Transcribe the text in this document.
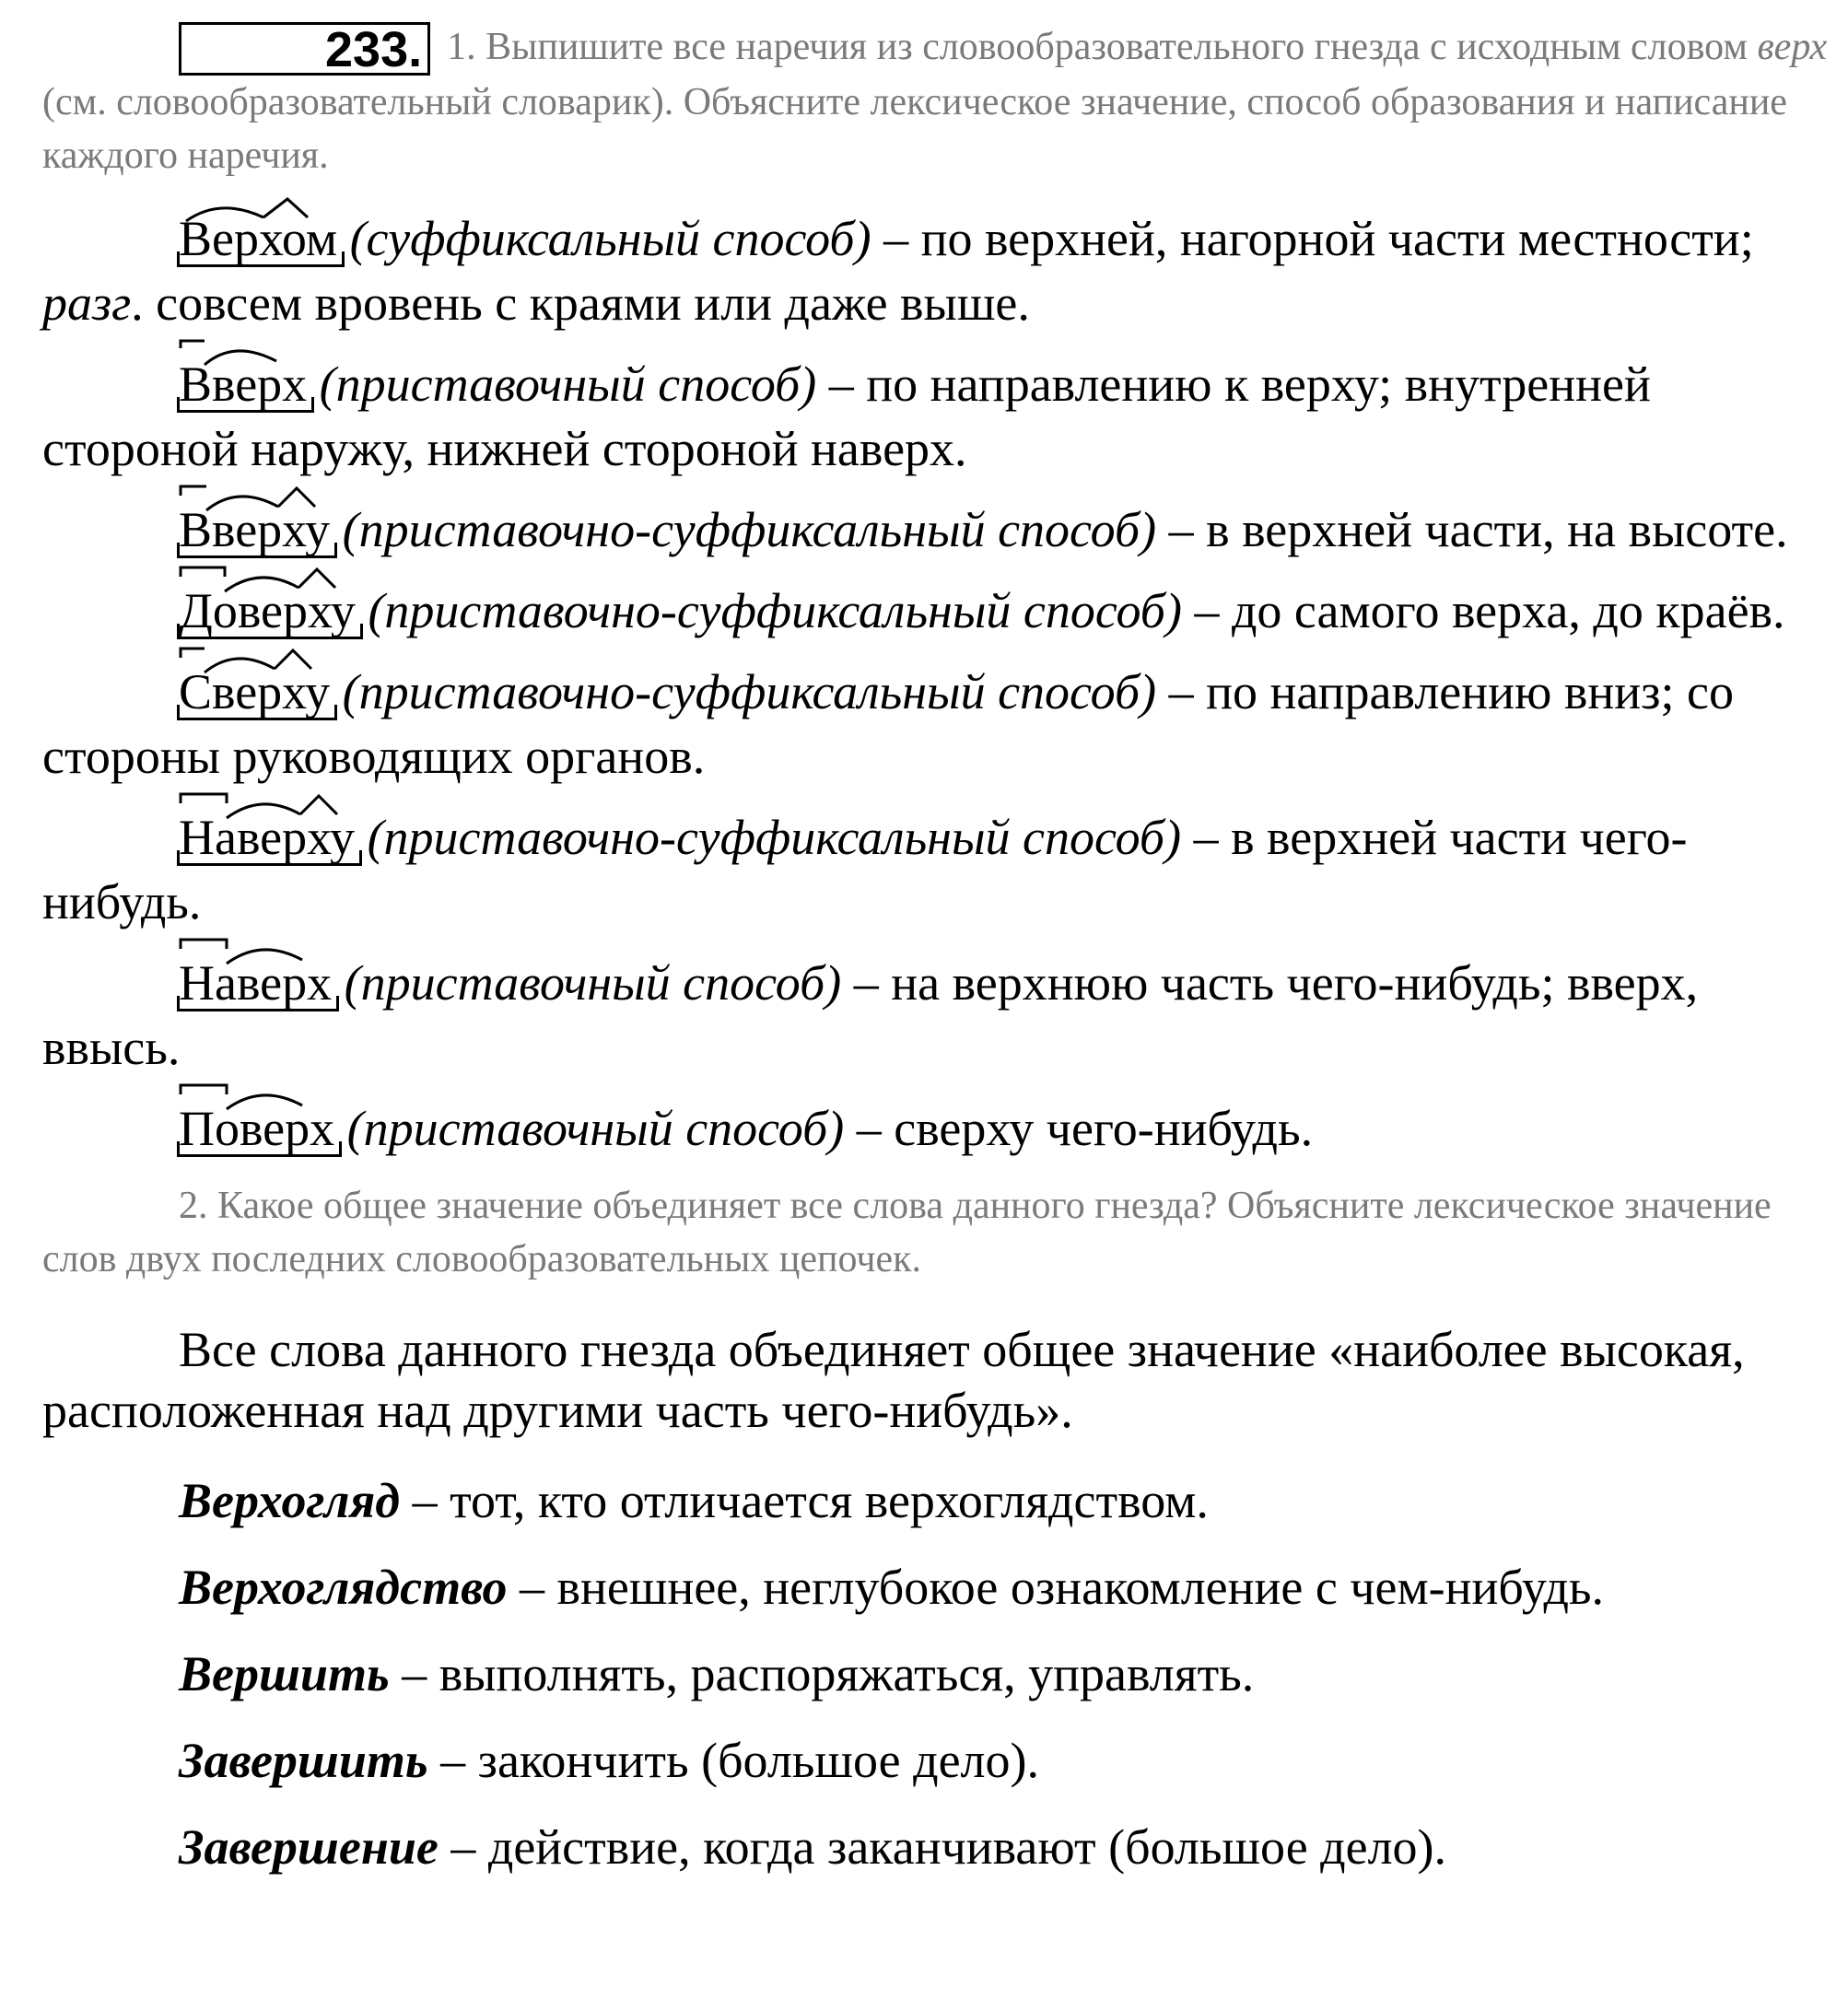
233. 1. Выпишите все наречия из словообразовательного гнезда с исходным словом верх (см. словообразовательный словарик). Объясните лексическое значение, способ образования и написание каждого наречия.

Верхом (суффиксальный способ) – по верхней, нагорной части местности; разг. совсем вровень с краями или даже выше.

Вверх (приставочный способ) – по направлению к верху; внутренней стороной наружу, нижней стороной наверх.

Вверху (приставочно-суффиксальный способ) – в верхней части, на высоте.

Доверху (приставочно-суффиксальный способ) – до самого верха, до краёв.

Сверху (приставочно-суффиксальный способ) – по направлению вниз; со стороны руководящих органов.

Наверху (приставочно-суффиксальный способ) – в верхней части чего-нибудь.

Наверх (приставочный способ) – на верхнюю часть чего-нибудь; вверх, ввысь.

Поверх (приставочный способ) – сверху чего-нибудь.

2. Какое общее значение объединяет все слова данного гнезда? Объясните лексическое значение слов двух последних словообразовательных цепочек.

Все слова данного гнезда объединяет общее значение «наиболее высокая, расположенная над другими часть чего-нибудь».

Верхогляд – тот, кто отличается верхоглядством.

Верхоглядство – внешнее, неглубокое ознакомление с чем-нибудь.

Вершить – выполнять, распоряжаться, управлять.

Завершить – закончить (большое дело).

Завершение – действие, когда заканчивают (большое дело).
